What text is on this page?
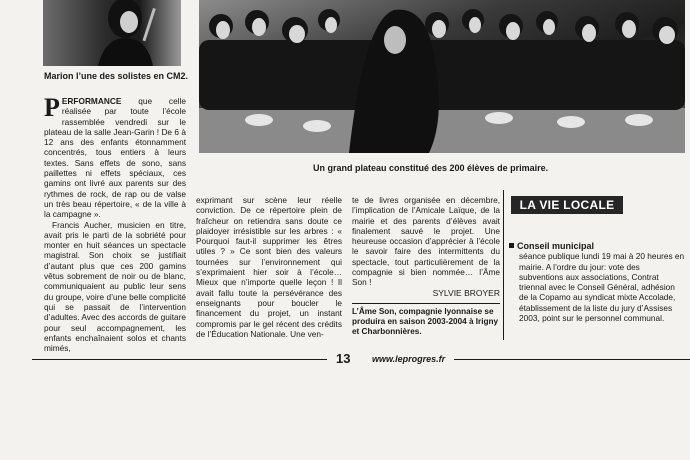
Marion l’une des solistes en CM2.
Un grand plateau constitué des 200 élèves de primaire.

PERFORMANCE que celle réalisée par toute l’école rassemblée vendredi sur le plateau de la salle Jean-Garin ! De 6 à 12 ans des enfants étonnamment concentrés, tous entiers à leurs textes. Sans effets de sono, sans paillettes ni effets spéciaux, ces gamins ont livré aux parents sur des rythmes de rock, de rap ou de valse un très beau répertoire, « de la ville à la campagne ».

Francis Aucher, musicien en titre, avait pris le parti de la sobriété pour monter en huit séances un spectacle magistral. Son choix se justifiait d’autant plus que ces 200 gamins vêtus sobrement de noir ou de blanc, communiquaient au public leur sens du groupe, voire d’une belle complicité qui se passait de l’intervention d’adultes. Avec des accords de guitare pour seul accompagnement, les enfants enchaînaient solos et chants mimés,

exprimant sur scène leur réelle conviction. De ce répertoire plein de fraîcheur on retiendra sans doute ce plaidoyer irrésistible sur les arbres : « Pourquoi faut-il supprimer les êtres utiles ? » Ce sont bien des valeurs tournées sur l’environnement qui s’exprimaient hier soir à l’école… Mieux que n’importe quelle leçon ! Il avait fallu toute la persévérance des enseignants pour boucler le financement du projet, un instant compromis par le gel récent des crédits de l’Éducation Nationale. Une ven-

te de livres organisée en décembre, l’implication de l’Amicale Laïque, de la mairie et des parents d’élèves avait finalement sauvé le projet. Une heureuse occasion d’apprécier à l’école le savoir faire des intermittents du spectacle, tout particulièrement de la compagnie si bien nommée… l’Âme Son !

SYLVIE BROYER

L’Âme Son, compagnie lyonnaise se produira en saison 2003-2004 à Irigny et Charbonnières.
LA VIE LOCALE
Conseil municipal
séance publique lundi 19 mai à 20 heures en mairie. A l’ordre du jour: vote des subventions aux associations, Contrat triennal avec le Conseil Général, adhésion de la Copamo au syndicat mixte Accolade, établissement de la liste du jury d’Assises 2003, point sur le personnel communal.
13 www.leprogres.fr
